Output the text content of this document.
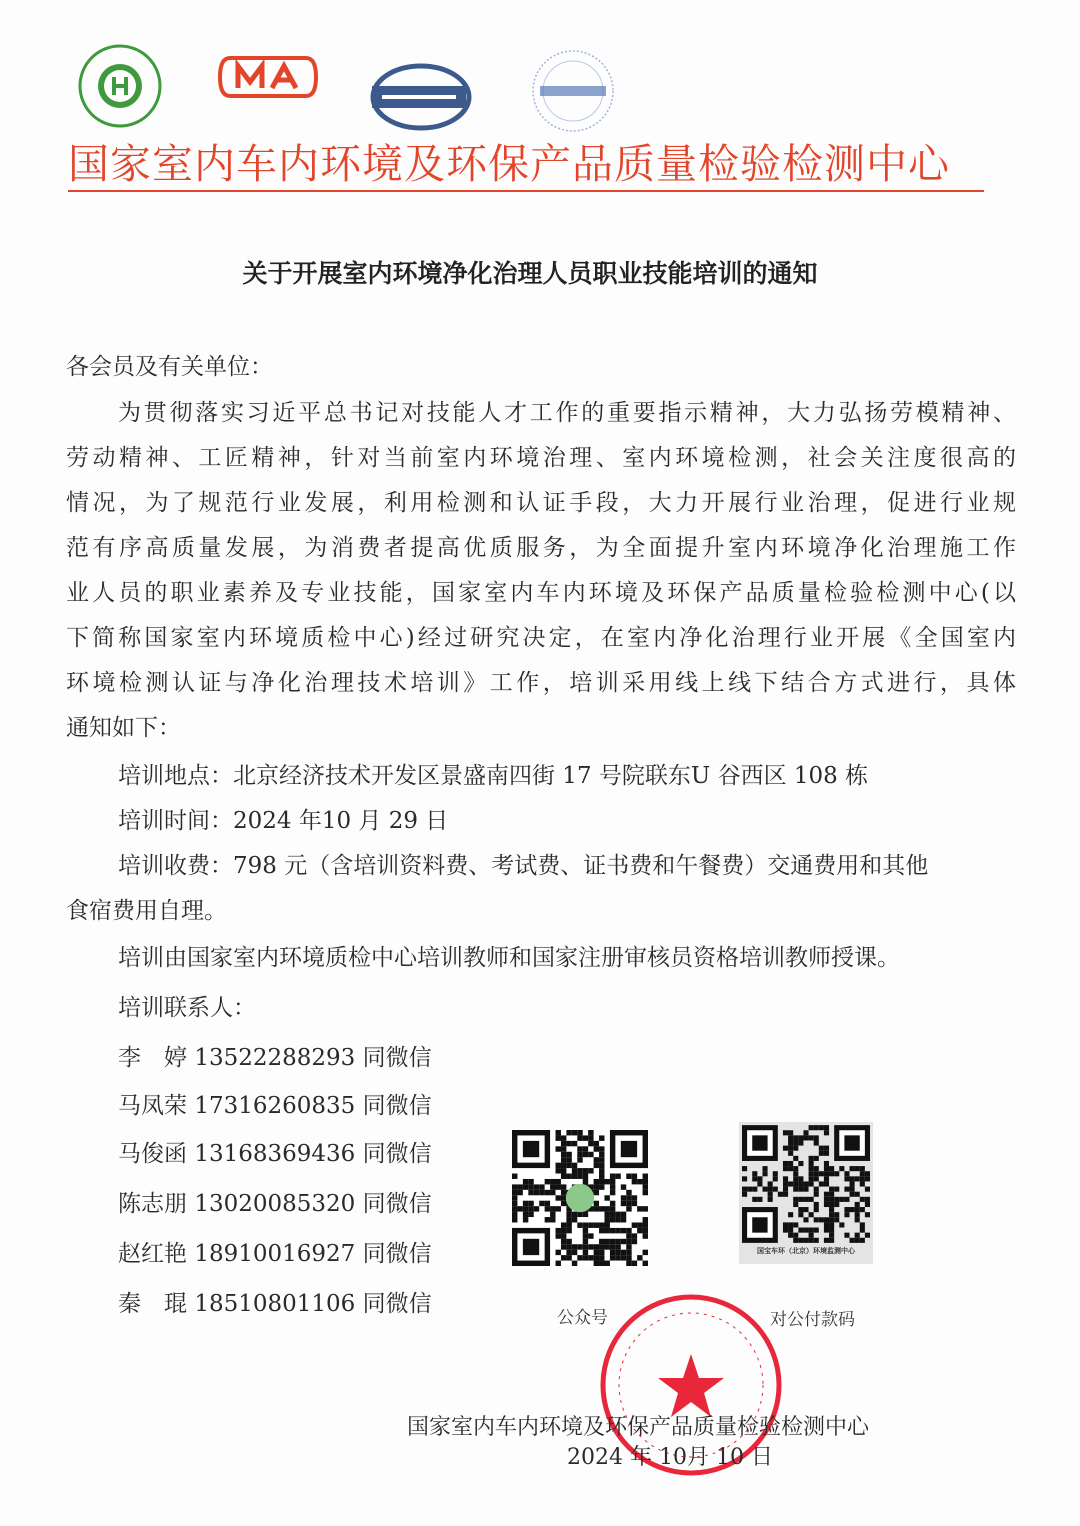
国家室内车内环境及环保产品质量检验检测中心
关于开展室内环境净化治理人员职业技能培训的通知
各会员及有关单位：
为贯彻落实习近平总书记对技能人才工作的重要指示精神，大力弘扬劳模精神、
劳动精神、工匠精神，针对当前室内环境治理、室内环境检测，社会关注度很高的
情况，为了规范行业发展，利用检测和认证手段，大力开展行业治理，促进行业规
范有序高质量发展，为消费者提高优质服务，为全面提升室内环境净化治理施工作
业人员的职业素养及专业技能，国家室内车内环境及环保产品质量检验检测中心(以
下简称国家室内环境质检中心)经过研究决定，在室内净化治理行业开展《全国室内
环境检测认证与净化治理技术培训》工作，培训采用线上线下结合方式进行，具体
通知如下：
培训地点：北京经济技术开发区景盛南四街 17 号院联东U 谷西区 108 栋
培训时间：2024 年10 月 29 日
培训收费：798 元（含培训资料费、考试费、证书费和午餐费）交通费用和其他
食宿费用自理。
培训由国家室内环境质检中心培训教师和国家注册审核员资格培训教师授课。
培训联系人：
李　婷 13522288293 同微信
马凤荣 17316260835 同微信
马俊函 13168369436 同微信
陈志朋 13020085320 同微信
赵红艳 18910016927 同微信
秦　琨 18510801106 同微信
国宝车环（北京）环境监测中心
公众号	对公付款码
国家室内车内环境及环保产品质量检验检测中心
2024 年 10月 10 日
